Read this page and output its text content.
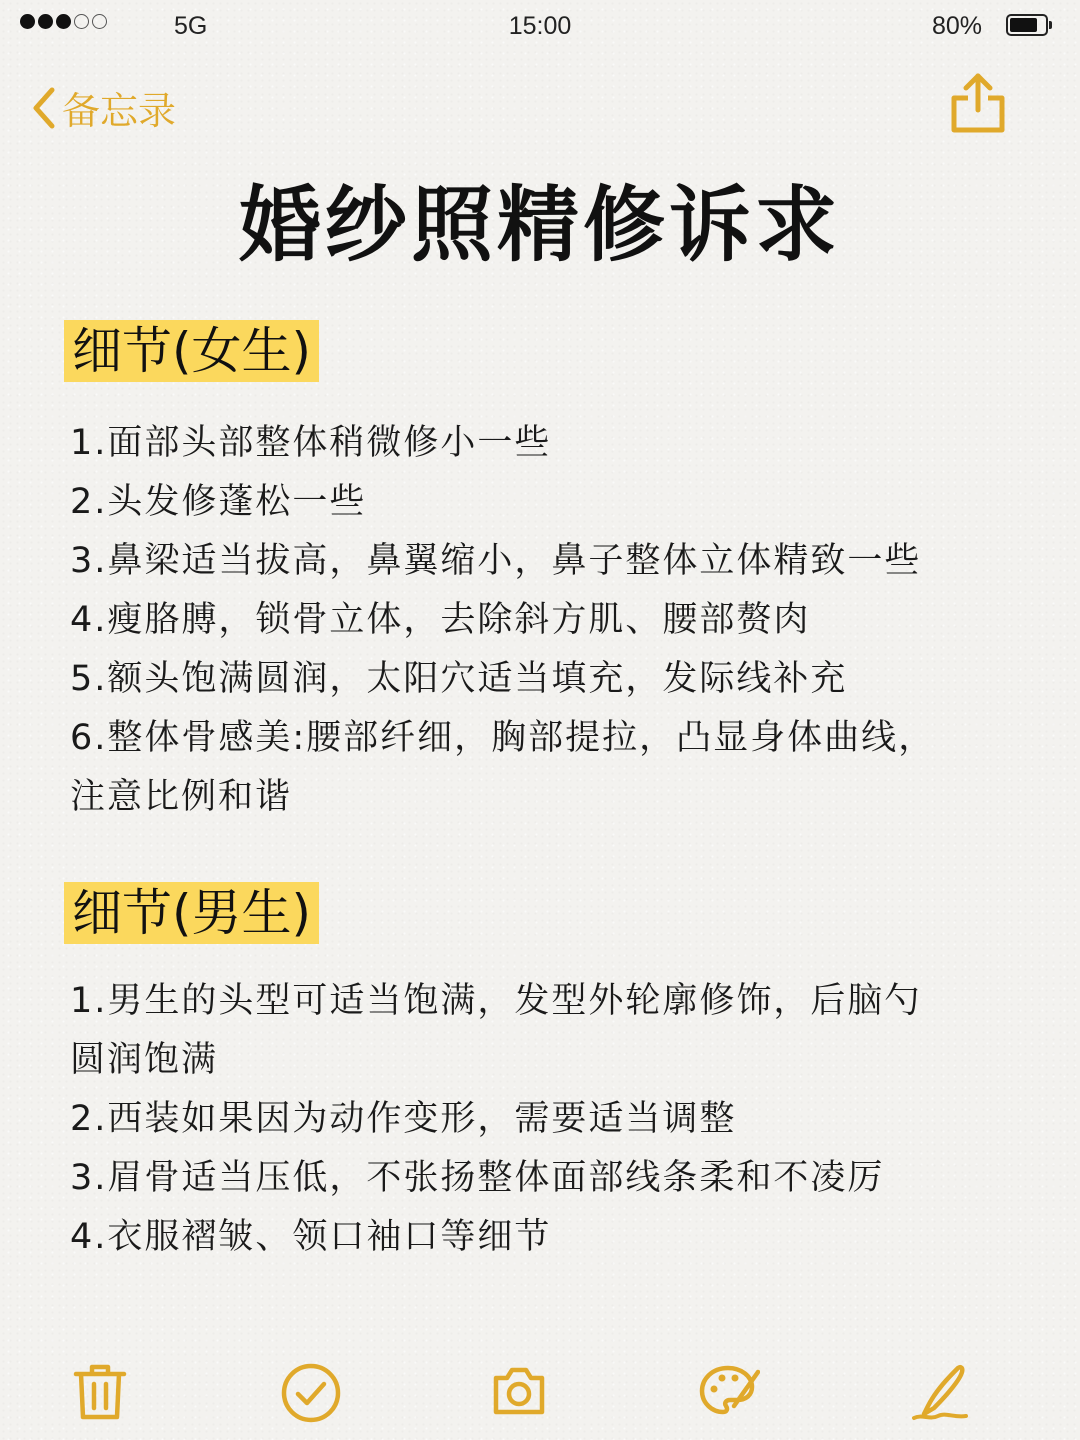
5G	15:00	80%
备忘录
婚纱照精修诉求
细节(女生)
1.面部头部整体稍微修小一些
2.头发修蓬松一些
3.鼻梁适当拔高，鼻翼缩小，鼻子整体立体精致一些
4.瘦胳膊，锁骨立体，去除斜方肌、腰部赘肉
5.额头饱满圆润，太阳穴适当填充，发际线补充
6.整体骨感美:腰部纤细，胸部提拉，凸显身体曲线，
注意比例和谐
细节(男生)
1.男生的头型可适当饱满，发型外轮廓修饰，后脑勺
圆润饱满
2.西装如果因为动作变形，需要适当调整
3.眉骨适当压低，不张扬整体面部线条柔和不凌厉
4.衣服褶皱、领口袖口等细节
